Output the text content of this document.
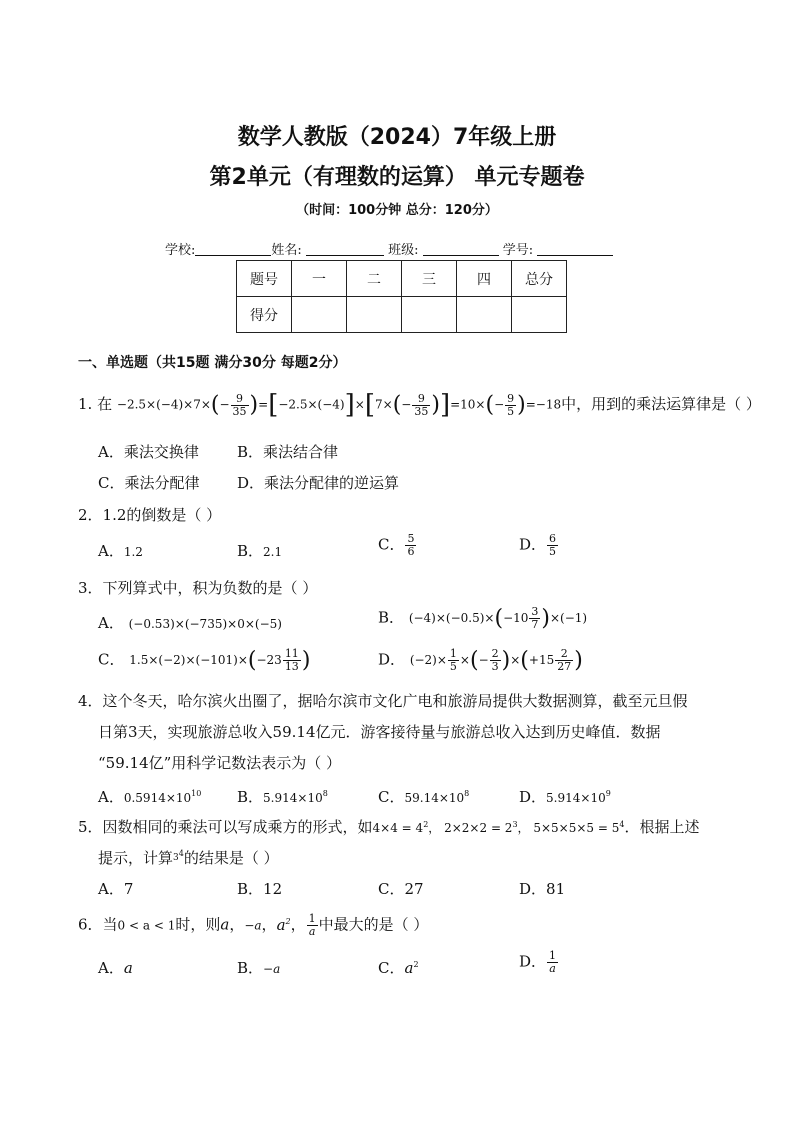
数学人教版（2024）7年级上册
第2单元（有理数的运算） 单元专题卷
（时间：100分钟 总分：120分）
学校:	姓名:	班级:	学号:
题号	一	二	三	四	总分
得分					
一、单选题（共15题 满分30分 每题2分）
1. 在 $-2.5\times(-4)\times 7\times(- \frac{9}{35} )=[-2.5\times(-4)]\times[7\times(- \frac{9}{35} )]=10\times(- \frac{9}{5} )=-18$中，用到的乘法运算律是（ ）
A．乘法交换律	B．乘法结合律
C．乘法分配律	D．乘法分配律的逆运算
2．1.2的倒数是（ ）
A．1.2	B．2.1	C． $\frac{5}{6}$	D． $\frac{6}{5}$
3．下列算式中，积为负数的是（ ）
A． (−0.53)×(−735)×0×(−5)	B． $(-4)\times(-0.5)\times(-10 \frac{3}{7} )\times(-1)$
C． $1.5\times(-2)\times(-101)\times(-23 \frac{11}{13}$ )	D． $(-2)\times \frac{1}{5}$ ×(− $\frac{2}{3} )\times(+15 \frac{2}{27}$ )
4．这个冬天，哈尔滨火出圈了，据哈尔滨市文化广电和旅游局提供大数据测算，截至元旦假
日第3天，实现旅游总收入59.14亿元．游客接待量与旅游总收入达到历史峰值．数据
“59.14亿”用科学记数法表示为（ ）
A．$0.5914\times 10^{10}$ B．$5.914\times 10^8$	C．$59.14\times 10^8$	D．$5.914\times 10^9$
5．因数相同的乘法可以写成乘方的形式，如$4\times 4 = 4^2$， $2\times 2\times 2 = 2^3$， $5\times 5\times 5\times 5 = 5^4$．根据上述
提示，计算$^{3^4}$的结果是（ ）
A．7	B．12	C．27	D．81
6．当0 < a < 1时，则a，−a，$a^2$， $\frac{1}{a}$ 中最大的是（ ）
A．a	B．−a	C．$a^2$	D． $\frac{1}{a}$
